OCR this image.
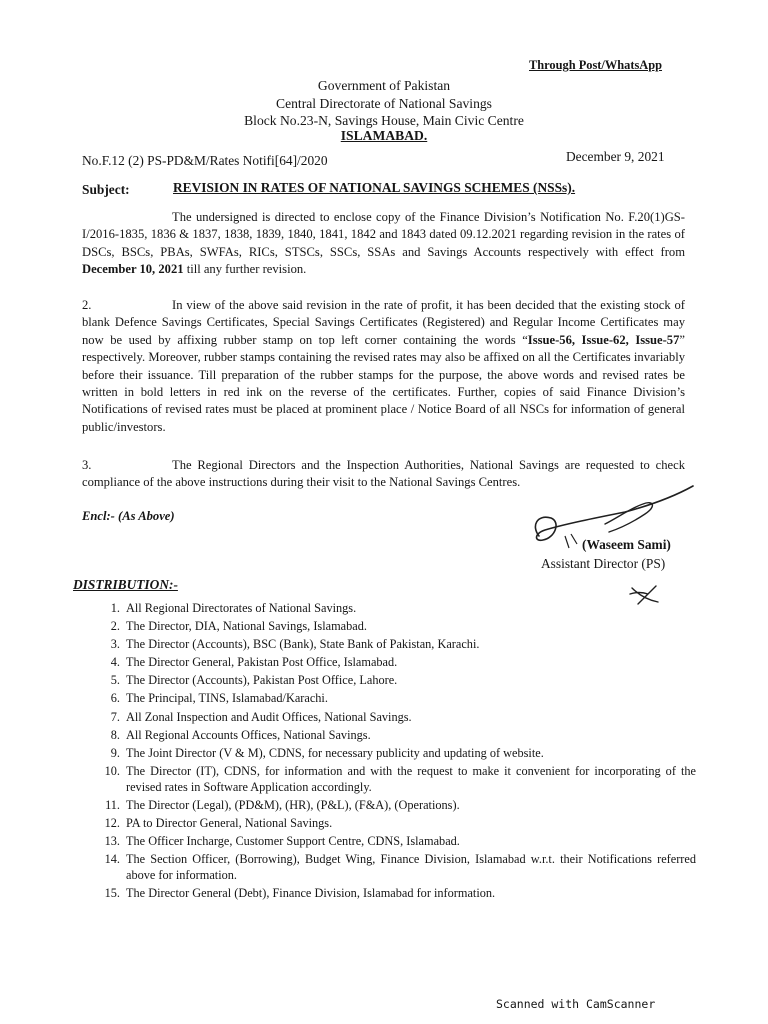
Through Post/WhatsApp
Government of Pakistan
Central Directorate of National Savings
Block No.23-N, Savings House, Main Civic Centre
ISLAMABAD.
No.F.12 (2) PS-PD&M/Rates Notifi[64]/2020	December 9, 2021
Subject:	REVISION IN RATES OF NATIONAL SAVINGS SCHEMES (NSSs).
The undersigned is directed to enclose copy of the Finance Division’s Notification No. F.20(1)GS-I/2016-1835, 1836 & 1837, 1838, 1839, 1840, 1841, 1842 and 1843 dated 09.12.2021 regarding revision in the rates of DSCs, BSCs, PBAs, SWFAs, RICs, STSCs, SSCs, SSAs and Savings Accounts respectively with effect from December 10, 2021 till any further revision.
2.	In view of the above said revision in the rate of profit, it has been decided that the existing stock of blank Defence Savings Certificates, Special Savings Certificates (Registered) and Regular Income Certificates may now be used by affixing rubber stamp on top left corner containing the words “Issue-56, Issue-62, Issue-57” respectively. Moreover, rubber stamps containing the revised rates may also be affixed on all the Certificates invariably before their issuance. Till preparation of the rubber stamps for the purpose, the above words and revised rates be written in bold letters in red ink on the reverse of the certificates. Further, copies of said Finance Division’s Notifications of revised rates must be placed at prominent place / Notice Board of all NSCs for information of general public/investors.
3.	The Regional Directors and the Inspection Authorities, National Savings are requested to check compliance of the above instructions during their visit to the National Savings Centres.
Encl:- (As Above)
(Waseem Sami)
Assistant Director (PS)
DISTRIBUTION:-
1. All Regional Directorates of National Savings.
2. The Director, DIA, National Savings, Islamabad.
3. The Director (Accounts), BSC (Bank), State Bank of Pakistan, Karachi.
4. The Director General, Pakistan Post Office, Islamabad.
5. The Director (Accounts), Pakistan Post Office, Lahore.
6. The Principal, TINS, Islamabad/Karachi.
7. All Zonal Inspection and Audit Offices, National Savings.
8. All Regional Accounts Offices, National Savings.
9. The Joint Director (V & M), CDNS, for necessary publicity and updating of website.
10. The Director (IT), CDNS, for information and with the request to make it convenient for incorporating of the revised rates in Software Application accordingly.
11. The Director (Legal), (PD&M), (HR), (P&L), (F&A), (Operations).
12. PA to Director General, National Savings.
13. The Officer Incharge, Customer Support Centre, CDNS, Islamabad.
14. The Section Officer, (Borrowing), Budget Wing, Finance Division, Islamabad w.r.t. their Notifications referred above for information.
15. The Director General (Debt), Finance Division, Islamabad for information.
Scanned with CamScanner
